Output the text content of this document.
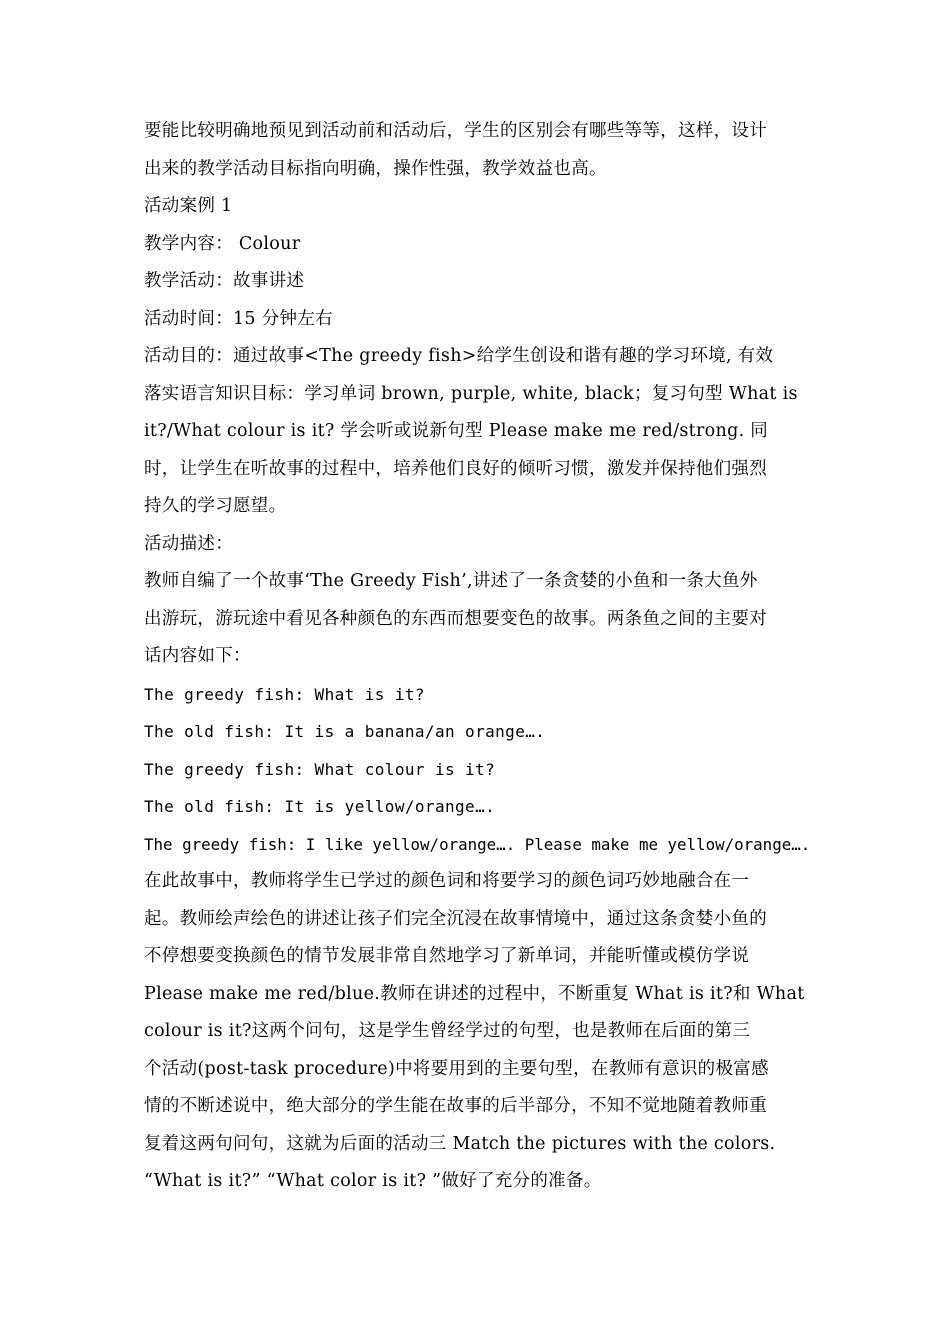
要能比较明确地预见到活动前和活动后，学生的区别会有哪些等等，这样，设计
出来的教学活动目标指向明确，操作性强，教学效益也高。
活动案例 1
教学内容： Colour
教学活动：故事讲述
活动时间：15 分钟左右
活动目的：通过故事<The greedy fish>给学生创设和谐有趣的学习环境, 有效
落实语言知识目标：学习单词 brown, purple, white, black；复习句型 What is
it?/What colour is it? 学会听或说新句型 Please make me red/strong. 同
时，让学生在听故事的过程中，培养他们良好的倾听习惯，激发并保持他们强烈
持久的学习愿望。
活动描述：
教师自编了一个故事‘The Greedy Fish’,讲述了一条贪婪的小鱼和一条大鱼外
出游玩，游玩途中看见各种颜色的东西而想要变色的故事。两条鱼之间的主要对
话内容如下：
The greedy fish: What is it?
The old fish: It is a banana/an orange….
The greedy fish: What colour is it?
The old fish: It is yellow/orange….
The greedy fish: I like yellow/orange…. Please make me yellow/orange….
在此故事中，教师将学生已学过的颜色词和将要学习的颜色词巧妙地融合在一
起。教师绘声绘色的讲述让孩子们完全沉浸在故事情境中，通过这条贪婪小鱼的
不停想要变换颜色的情节发展非常自然地学习了新单词，并能听懂或模仿学说
Please make me red/blue.教师在讲述的过程中，不断重复 What is it?和 What
colour is it?这两个问句，这是学生曾经学过的句型，也是教师在后面的第三
个活动(post-task procedure)中将要用到的主要句型，在教师有意识的极富感
情的不断述说中，绝大部分的学生能在故事的后半部分，不知不觉地随着教师重
复着这两句问句，这就为后面的活动三 Match the pictures with the colors.
“What is it?” “What color is it? ”做好了充分的准备。
